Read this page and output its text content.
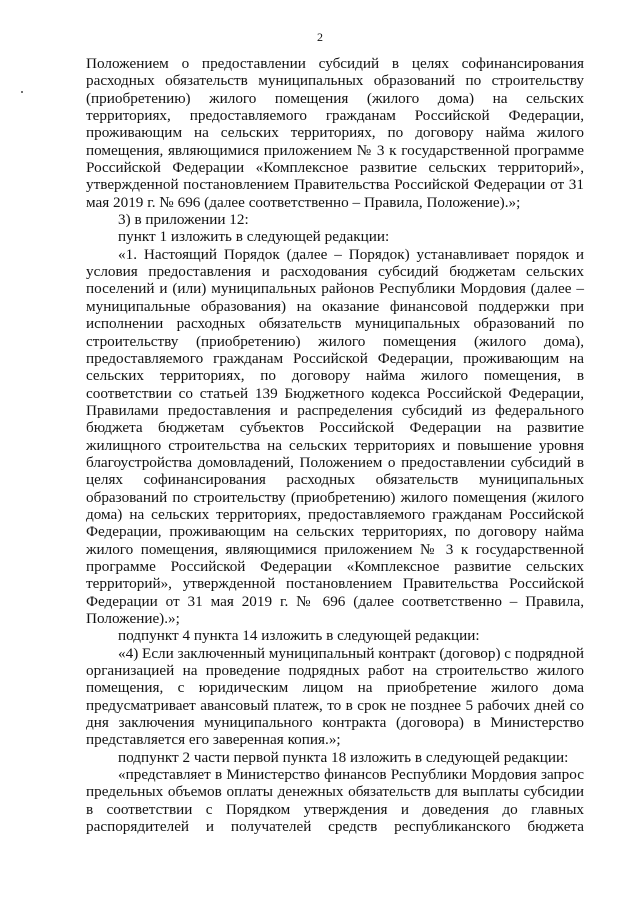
2

Положением о предоставлении субсидий в целях софинансирования расходных обязательств муниципальных образований по строительству (приобретению) жилого помещения (жилого дома) на сельских территориях, предоставляемого гражданам Российской Федерации, проживающим на сельских территориях, по договору найма жилого помещения, являющимися приложением № 3 к государственной программе Российской Федерации «Комплексное развитие сельских территорий», утвержденной постановлением Правительства Российской Федерации от 31 мая 2019 г. № 696 (далее соответственно – Правила, Положение).»;

3) в приложении 12:

пункт 1 изложить в следующей редакции:

«1. Настоящий Порядок (далее – Порядок) устанавливает порядок и условия предоставления и расходования субсидий бюджетам сельских поселений и (или) муниципальных районов Республики Мордовия (далее – муниципальные образования) на оказание финансовой поддержки при исполнении расходных обязательств муниципальных образований по строительству (приобретению) жилого помещения (жилого дома), предоставляемого гражданам Российской Федерации, проживающим на сельских территориях, по договору найма жилого помещения, в соответствии со статьей 139 Бюджетного кодекса Российской Федерации, Правилами предоставления и распределения субсидий из федерального бюджета бюджетам субъектов Российской Федерации на развитие жилищного строительства на сельских территориях и повышение уровня благоустройства домовладений, Положением о предоставлении субсидий в целях софинансирования расходных обязательств муниципальных образований по строительству (приобретению) жилого помещения (жилого дома) на сельских территориях, предоставляемого гражданам Российской Федерации, проживающим на сельских территориях, по договору найма жилого помещения, являющимися приложением № 3 к государственной программе Российской Федерации «Комплексное развитие сельских территорий», утвержденной постановлением Правительства Российской Федерации от 31 мая 2019 г. № 696 (далее соответственно – Правила, Положение).»;

подпункт 4 пункта 14 изложить в следующей редакции:

«4) Если заключенный муниципальный контракт (договор) с подрядной организацией на проведение подрядных работ на строительство жилого помещения, с юридическим лицом на приобретение жилого дома предусматривает авансовый платеж, то в срок не позднее 5 рабочих дней со дня заключения муниципального контракта (договора) в Министерство представляется его заверенная копия.»;

подпункт 2 части первой пункта 18 изложить в следующей редакции:

«представляет в Министерство финансов Республики Мордовия запрос предельных объемов оплаты денежных обязательств для выплаты субсидии в соответствии с Порядком утверждения и доведения до главных распорядителей и получателей средств республиканского бюджета
